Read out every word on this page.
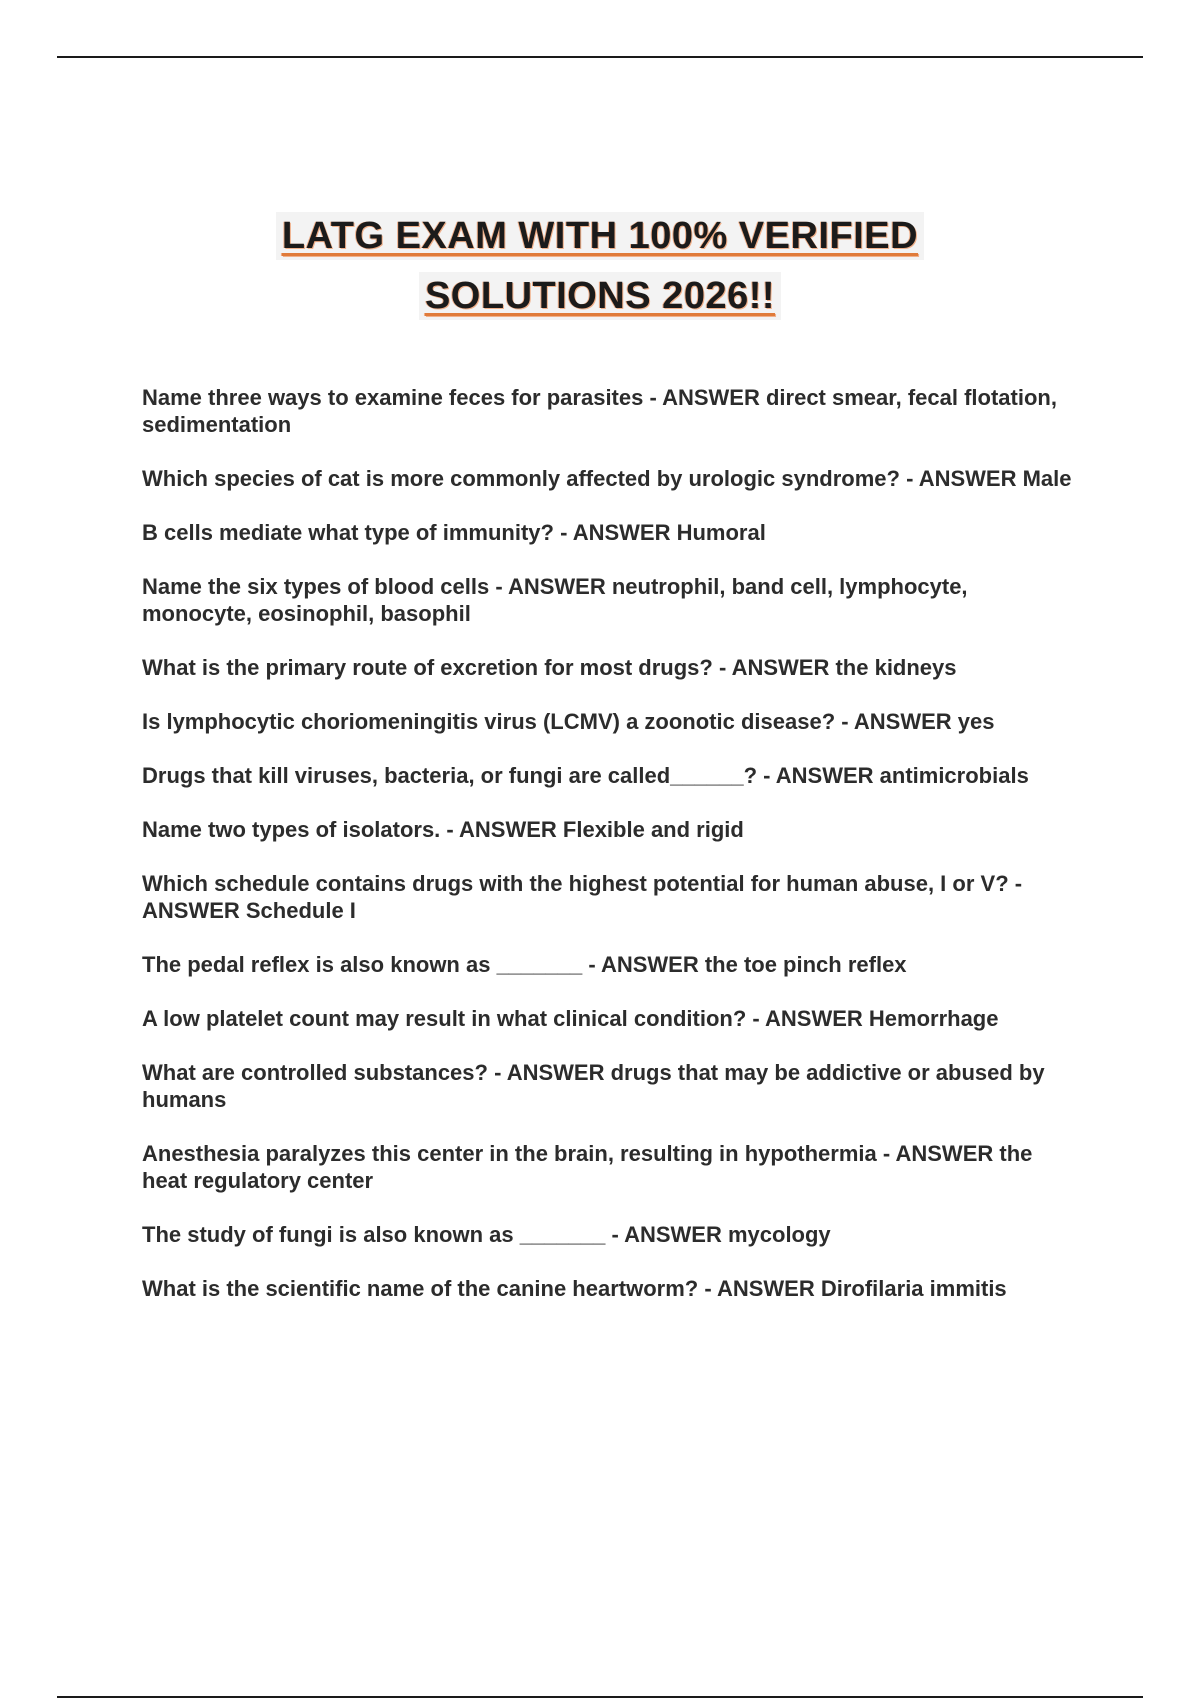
LATG EXAM WITH 100% VERIFIED
SOLUTIONS 2026!!
Name three ways to examine feces for parasites - ANSWER direct smear, fecal flotation, sedimentation
Which species of cat is more commonly affected by urologic syndrome? - ANSWER Male
B cells mediate what type of immunity? - ANSWER Humoral
Name the six types of blood cells - ANSWER neutrophil, band cell, lymphocyte, monocyte, eosinophil, basophil
What is the primary route of excretion for most drugs? - ANSWER the kidneys
Is lymphocytic choriomeningitis virus (LCMV) a zoonotic disease? - ANSWER yes
Drugs that kill viruses, bacteria, or fungi are called______? - ANSWER antimicrobials
Name two types of isolators. - ANSWER Flexible and rigid
Which schedule contains drugs with the highest potential for human abuse, I or V? - ANSWER Schedule I
The pedal reflex is also known as _______ - ANSWER the toe pinch reflex
A low platelet count may result in what clinical condition? - ANSWER Hemorrhage
What are controlled substances? - ANSWER drugs that may be addictive or abused by humans
Anesthesia paralyzes this center in the brain, resulting in hypothermia - ANSWER the heat regulatory center
The study of fungi is also known as _______ - ANSWER mycology
What is the scientific name of the canine heartworm? - ANSWER Dirofilaria immitis
